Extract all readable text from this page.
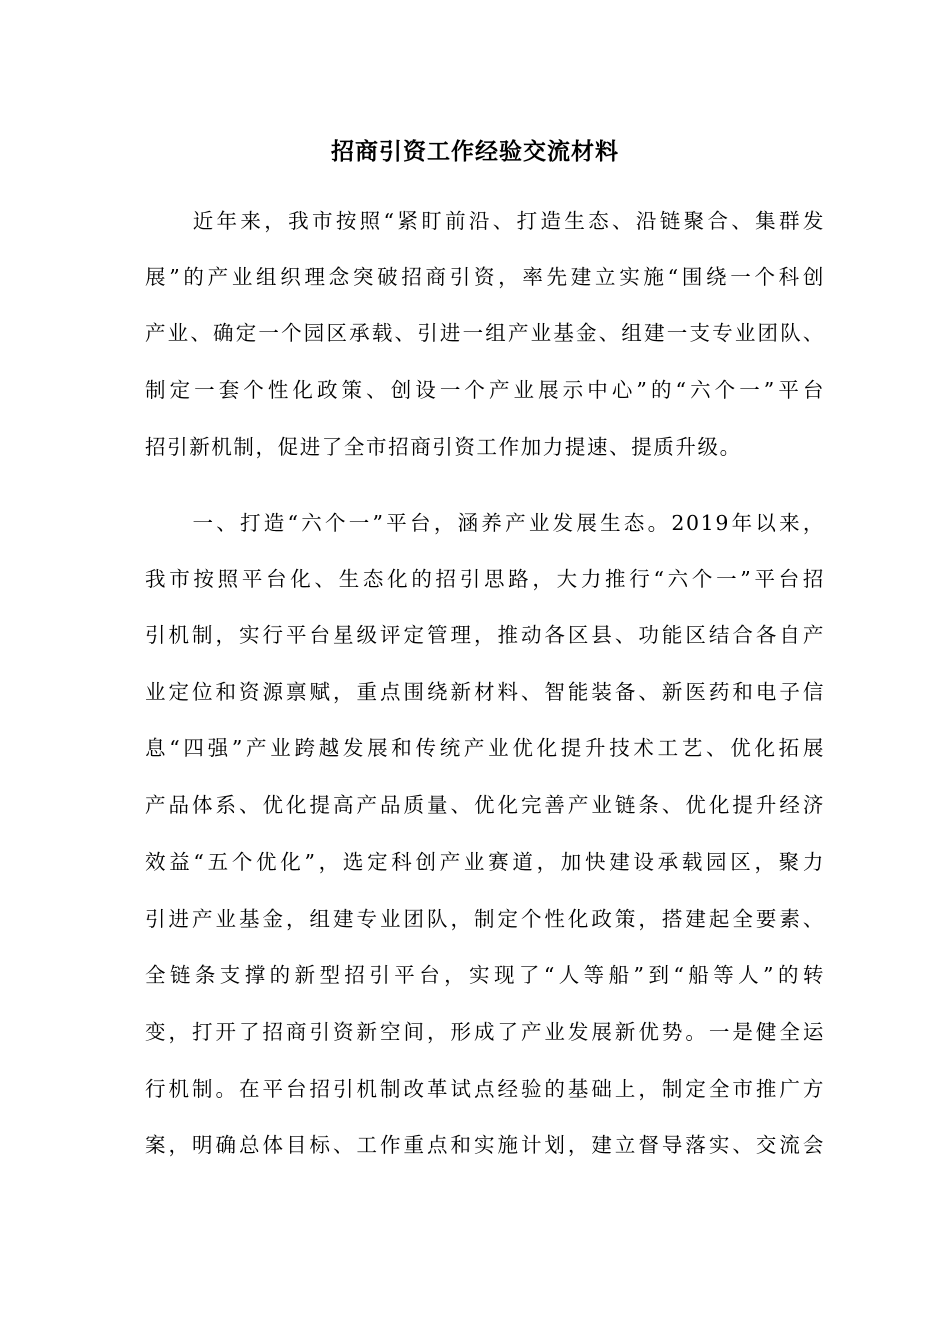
招商引资工作经验交流材料
　　近年来，我市按照“紧盯前沿、打造生态、沿链聚合、集群发
展”的产业组织理念突破招商引资，率先建立实施“围绕一个科创
产业、确定一个园区承载、引进一组产业基金、组建一支专业团队、
制定一套个性化政策、创设一个产业展示中心”的“六个一”平台
招引新机制，促进了全市招商引资工作加力提速、提质升级。
　　一、打造“六个一”平台，涵养产业发展生态。2019年以来，
我市按照平台化、生态化的招引思路，大力推行“六个一”平台招
引机制，实行平台星级评定管理，推动各区县、功能区结合各自产
业定位和资源禀赋，重点围绕新材料、智能装备、新医药和电子信
息“四强”产业跨越发展和传统产业优化提升技术工艺、优化拓展
产品体系、优化提高产品质量、优化完善产业链条、优化提升经济
效益“五个优化”，选定科创产业赛道，加快建设承载园区，聚力
引进产业基金，组建专业团队，制定个性化政策，搭建起全要素、
全链条支撑的新型招引平台，实现了“人等船”到“船等人”的转
变，打开了招商引资新空间，形成了产业发展新优势。一是健全运
行机制。在平台招引机制改革试点经验的基础上，制定全市推广方
案，明确总体目标、工作重点和实施计划，建立督导落实、交流会
